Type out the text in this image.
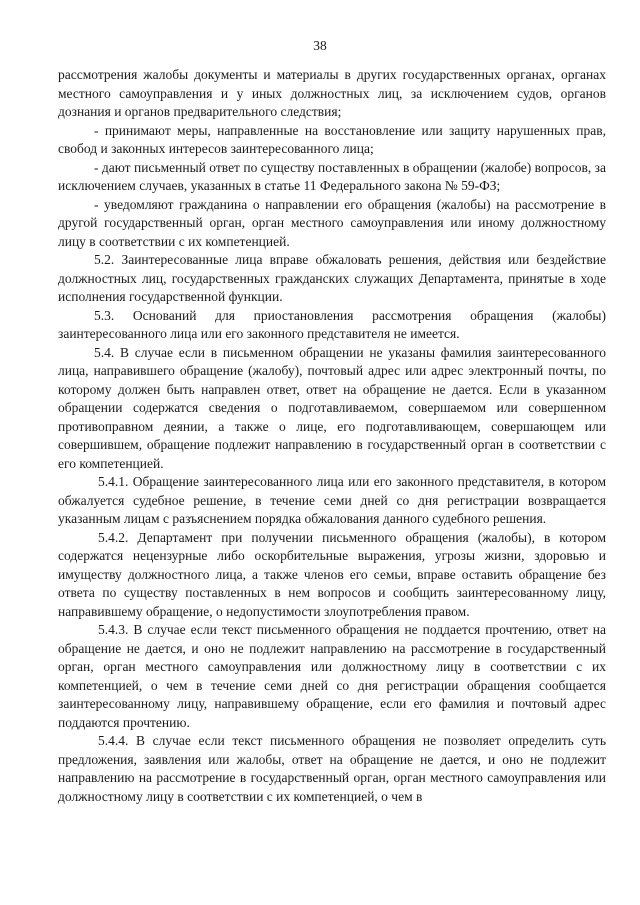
38

рассмотрения жалобы документы и материалы в других государственных органах, органах местного самоуправления и у иных должностных лиц, за исключением судов, органов дознания и органов предварительного следствия;

- принимают меры, направленные на восстановление или защиту нарушенных прав, свобод и законных интересов заинтересованного лица;

- дают письменный ответ по существу поставленных в обращении (жалобе) вопросов, за исключением случаев, указанных в статье 11 Федерального закона № 59-ФЗ;

- уведомляют гражданина о направлении его обращения (жалобы) на рассмотрение в другой государственный орган, орган местного самоуправления или иному должностному лицу в соответствии с их компетенцией.

5.2. Заинтересованные лица вправе обжаловать решения, действия или бездействие должностных лиц, государственных гражданских служащих Департамента, принятые в ходе исполнения государственной функции.

5.3. Оснований для приостановления рассмотрения обращения (жалобы) заинтересованного лица или его законного представителя не имеется.

5.4. В случае если в письменном обращении не указаны фамилия заинтересованного лица, направившего обращение (жалобу), почтовый адрес или адрес электронный почты, по которому должен быть направлен ответ, ответ на обращение не дается. Если в указанном обращении содержатся сведения о подготавливаемом, совершаемом или совершенном противоправном деянии, а также о лице, его подготавливающем, совершающем или совершившем, обращение подлежит направлению в государственный орган в соответствии с его компетенцией.

5.4.1. Обращение заинтересованного лица или его законного представителя, в котором обжалуется судебное решение, в течение семи дней со дня регистрации возвращается указанным лицам с разъяснением порядка обжалования данного судебного решения.

5.4.2. Департамент при получении письменного обращения (жалобы), в котором содержатся нецензурные либо оскорбительные выражения, угрозы жизни, здоровью и имуществу должностного лица, а также членов его семьи, вправе оставить обращение без ответа по существу поставленных в нем вопросов и сообщить заинтересованному лицу, направившему обращение, о недопустимости злоупотребления правом.

5.4.3. В случае если текст письменного обращения не поддается прочтению, ответ на обращение не дается, и оно не подлежит направлению на рассмотрение в государственный орган, орган местного самоуправления или должностному лицу в соответствии с их компетенцией, о чем в течение семи дней со дня регистрации обращения сообщается заинтересованному лицу, направившему обращение, если его фамилия и почтовый адрес поддаются прочтению.

5.4.4. В случае если текст письменного обращения не позволяет определить суть предложения, заявления или жалобы, ответ на обращение не дается, и оно не подлежит направлению на рассмотрение в государственный орган, орган местного самоуправления или должностному лицу в соответствии с их компетенцией, о чем в
